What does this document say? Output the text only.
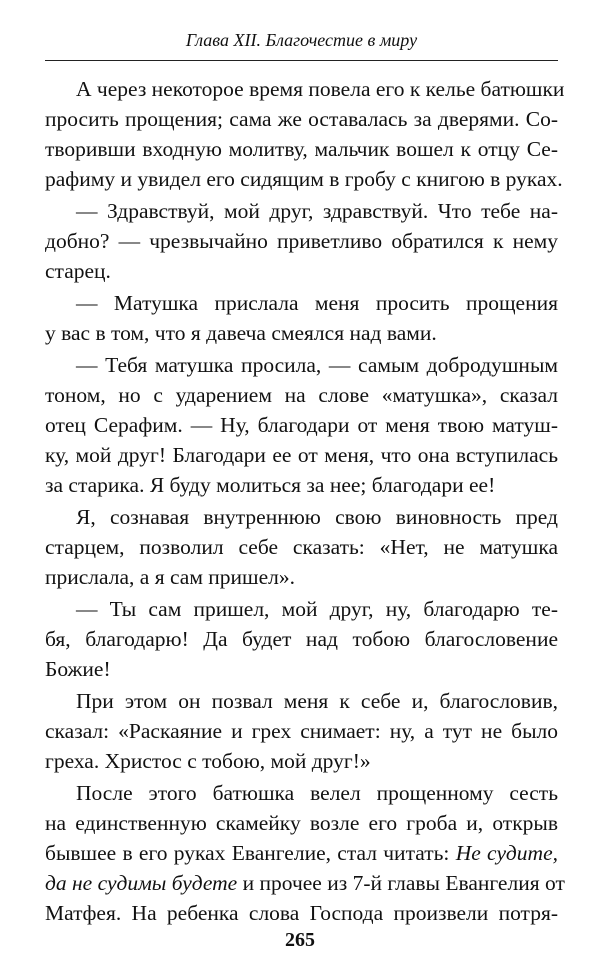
Глава XII. Благочестие в миру
А через некоторое время повела его к келье батюшки
просить прощения; сама же оставалась за дверями. Со-
творивши входную молитву, мальчик вошел к отцу Се-
рафиму и увидел его сидящим в гробу с книгою в руках.
— Здравствуй, мой друг, здравствуй. Что тебе на-
добно? — чрезвычайно приветливо обратился к нему
старец.
— Матушка прислала меня просить прощения
у вас в том, что я давеча смеялся над вами.
— Тебя матушка просила, — самым добродушным
тоном, но с ударением на слове «матушка», сказал
отец Серафим. — Ну, благодари от меня твою матуш-
ку, мой друг! Благодари ее от меня, что она вступилась
за старика. Я буду молиться за нее; благодари ее!
Я, сознавая внутреннюю свою виновность пред
старцем, позволил себе сказать: «Нет, не матушка
прислала, а я сам пришел».
— Ты сам пришел, мой друг, ну, благодарю те-
бя, благодарю! Да будет над тобою благословение
Божие!
При этом он позвал меня к себе и, благословив,
сказал: «Раскаяние и грех снимает: ну, а тут не было
греха. Христос с тобою, мой друг!»
После этого батюшка велел прощенному сесть
на единственную скамейку возле его гроба и, открыв
бывшее в его руках Евангелие, стал читать: Не судите,
да не судимы будете и прочее из 7-й главы Евангелия от
Матфея. На ребенка слова Господа произвели потря-
265
